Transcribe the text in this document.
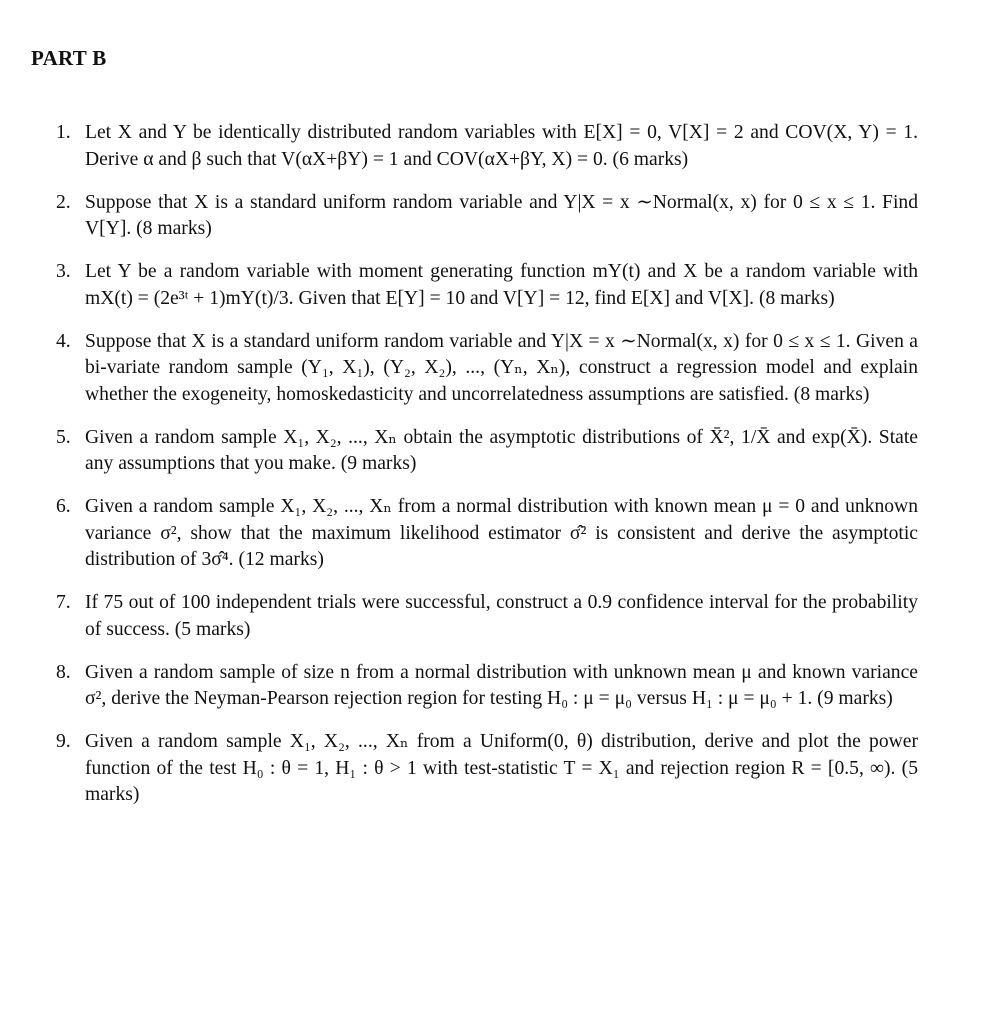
PART B
1. Let X and Y be identically distributed random variables with E[X] = 0, V[X] = 2 and COV(X, Y) = 1. Derive α and β such that V(αX+βY) = 1 and COV(αX+βY, X) = 0. (6 marks)
2. Suppose that X is a standard uniform random variable and Y|X = x ∼Normal(x, x) for 0 ≤ x ≤ 1. Find V[Y]. (8 marks)
3. Let Y be a random variable with moment generating function mY(t) and X be a random variable with mX(t) = (2e³ᵗ + 1)mY(t)/3. Given that E[Y] = 10 and V[Y] = 12, find E[X] and V[X]. (8 marks)
4. Suppose that X is a standard uniform random variable and Y|X = x ∼Normal(x, x) for 0 ≤ x ≤ 1. Given a bi-variate random sample (Y₁, X₁), (Y₂, X₂), ..., (Yₙ, Xₙ), construct a regression model and explain whether the exogeneity, homoskedasticity and uncorrelatedness assumptions are satisfied. (8 marks)
5. Given a random sample X₁, X₂, ..., Xₙ obtain the asymptotic distributions of X̄², 1/X̄ and exp(X̄). State any assumptions that you make. (9 marks)
6. Given a random sample X₁, X₂, ..., Xₙ from a normal distribution with known mean μ = 0 and unknown variance σ², show that the maximum likelihood estimator σ̂² is consistent and derive the asymptotic distribution of 3σ̂⁴. (12 marks)
7. If 75 out of 100 independent trials were successful, construct a 0.9 confidence interval for the probability of success. (5 marks)
8. Given a random sample of size n from a normal distribution with unknown mean μ and known variance σ², derive the Neyman-Pearson rejection region for testing H₀ : μ = μ₀ versus H₁ : μ = μ₀ + 1. (9 marks)
9. Given a random sample X₁, X₂, ..., Xₙ from a Uniform(0, θ) distribution, derive and plot the power function of the test H₀ : θ = 1, H₁ : θ > 1 with test-statistic T = X₁ and rejection region R = [0.5, ∞). (5 marks)
